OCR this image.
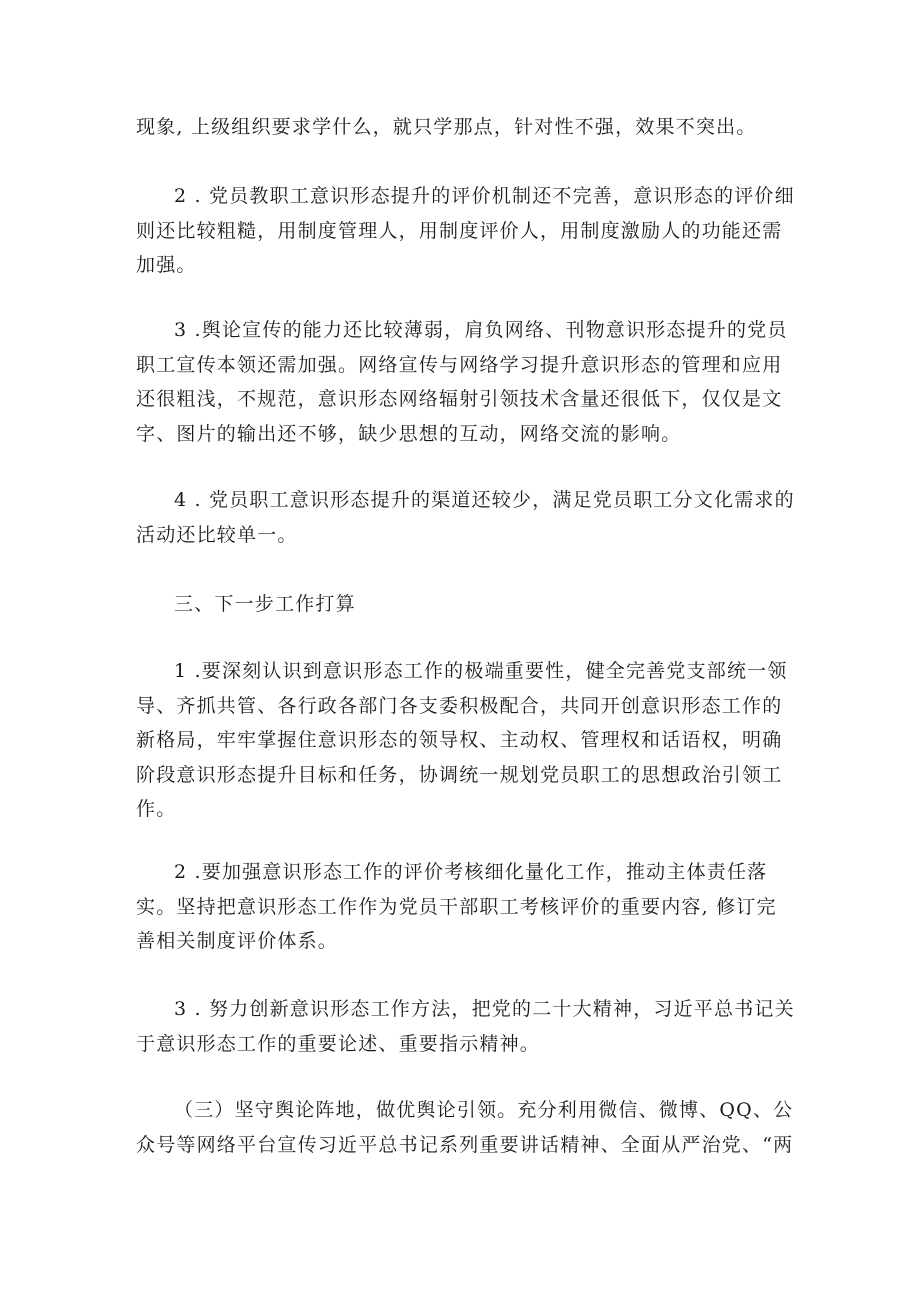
现象, 上级组织要求学什么，就只学那点，针对性不强，效果不突出。

2 . 党员教职工意识形态提升的评价机制还不完善，意识形态的评价细则还比较粗糙，用制度管理人，用制度评价人，用制度激励人的功能还需加强。

3 .舆论宣传的能力还比较薄弱，肩负网络、刊物意识形态提升的党员职工宣传本领还需加强。网络宣传与网络学习提升意识形态的管理和应用还很粗浅，不规范，意识形态网络辐射引领技术含量还很低下，仅仅是文字、图片的输出还不够，缺少思想的互动，网络交流的影响。

4 . 党员职工意识形态提升的渠道还较少，满足党员职工分文化需求的活动还比较单一。

三、下一步工作打算

1 .要深刻认识到意识形态工作的极端重要性，健全完善党支部统一领导、齐抓共管、各行政各部门各支委积极配合，共同开创意识形态工作的新格局，牢牢掌握住意识形态的领导权、主动权、管理权和话语权，明确阶段意识形态提升目标和任务，协调统一规划党员职工的思想政治引领工作。

2 .要加强意识形态工作的评价考核细化量化工作，推动主体责任落实。坚持把意识形态工作作为党员干部职工考核评价的重要内容, 修订完善相关制度评价体系。

3 . 努力创新意识形态工作方法，把党的二十大精神，习近平总书记关于意识形态工作的重要论述、重要指示精神。

（三）坚守舆论阵地，做优舆论引领。充分利用微信、微博、QQ、公众号等网络平台宣传习近平总书记系列重要讲话精神、全面从严治党、“两
